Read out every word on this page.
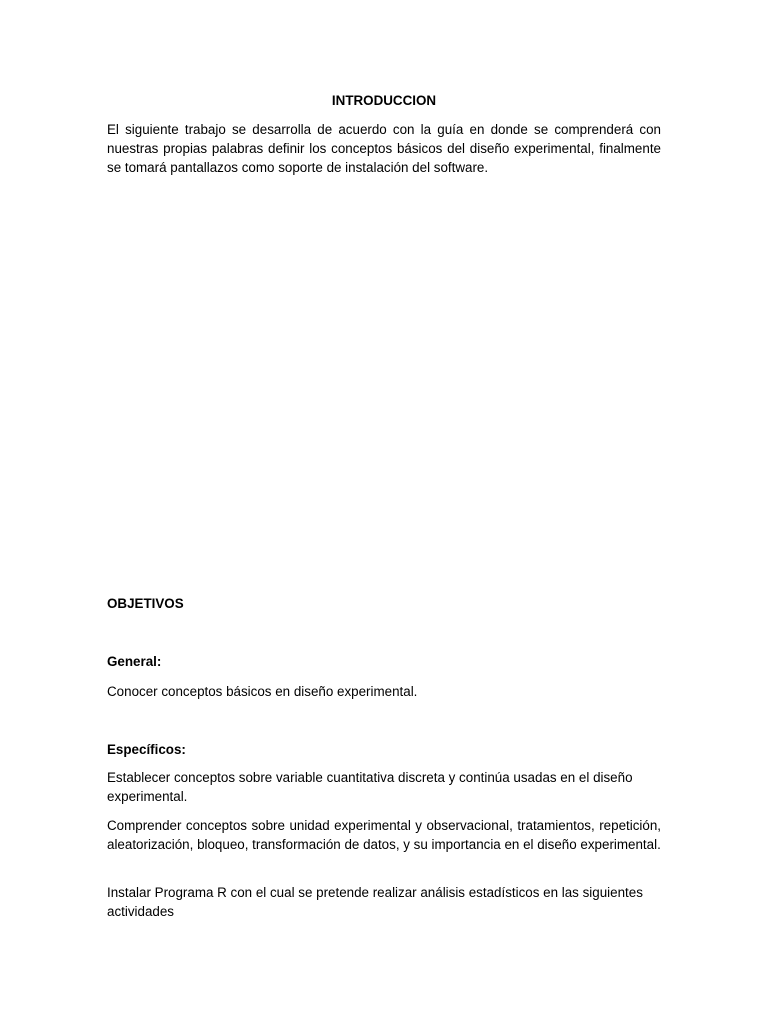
INTRODUCCION

El siguiente trabajo se desarrolla de acuerdo con la guía en donde se comprenderá con nuestras propias palabras definir los conceptos básicos del diseño experimental, finalmente se tomará pantallazos como soporte de instalación del software.

OBJETIVOS
General:

Conocer conceptos básicos en diseño experimental.

Específicos:

Establecer conceptos sobre variable cuantitativa discreta y continúa usadas en el diseño experimental.

Comprender conceptos sobre unidad experimental y observacional, tratamientos, repetición, aleatorización, bloqueo, transformación de datos, y su importancia en el diseño experimental.

Instalar Programa R con el cual se pretende realizar análisis estadísticos en las siguientes actividades
